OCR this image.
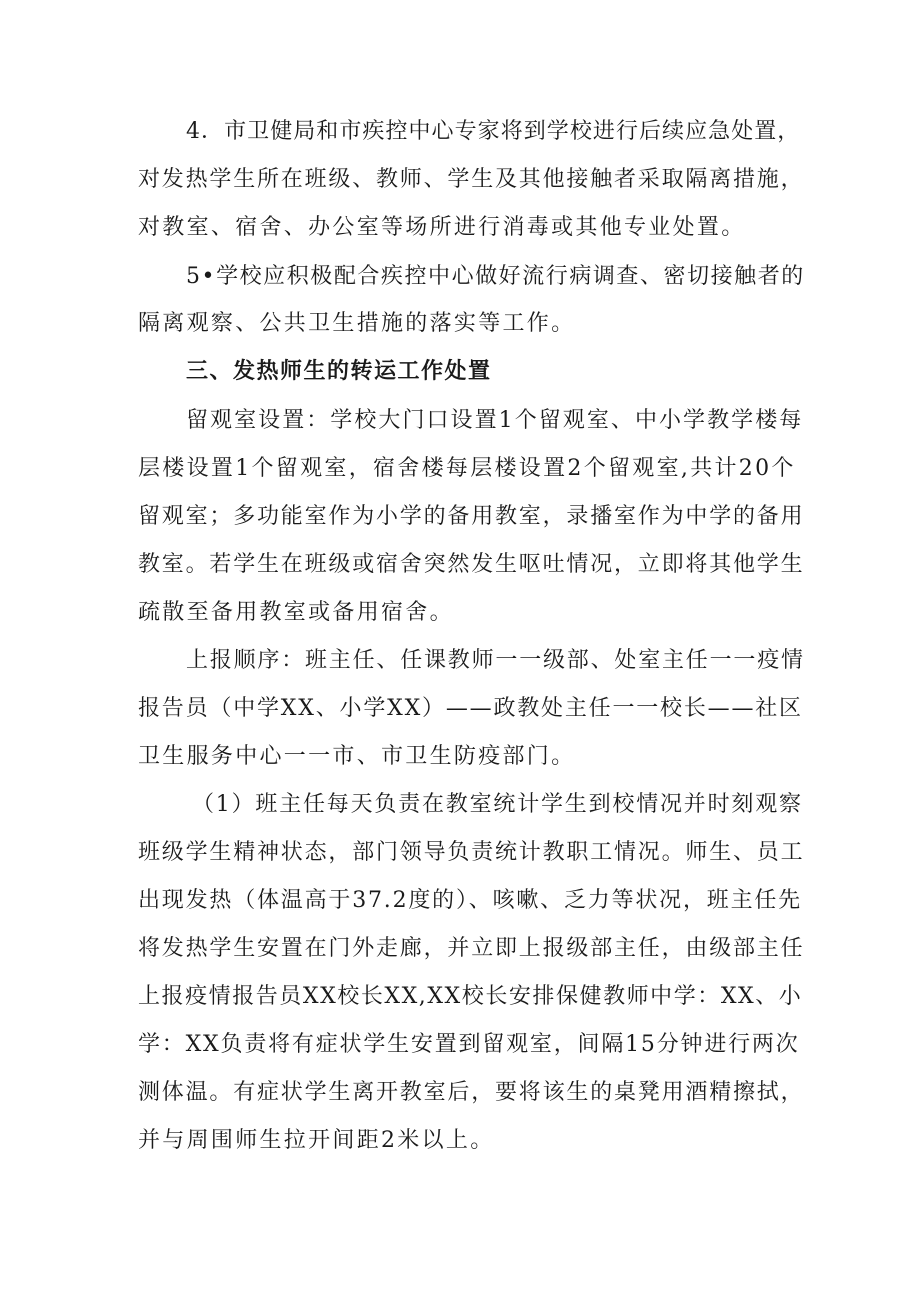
4．市卫健局和市疾控中心专家将到学校进行后续应急处置，
对发热学生所在班级、教师、学生及其他接触者采取隔离措施，
对教室、宿舍、办公室等场所进行消毒或其他专业处置。
5•学校应积极配合疾控中心做好流行病调查、密切接触者的
隔离观察、公共卫生措施的落实等工作。
三、发热师生的转运工作处置
留观室设置：学校大门口设置1个留观室、中小学教学楼每
层楼设置1个留观室，宿舍楼每层楼设置2个留观室,共计20个
留观室；多功能室作为小学的备用教室，录播室作为中学的备用
教室。若学生在班级或宿舍突然发生呕吐情况，立即将其他学生
疏散至备用教室或备用宿舍。
上报顺序：班主任、任课教师一一级部、处室主任一一疫情
报告员（中学XX、小学XX）——政教处主任一一校长——社区
卫生服务中心一一市、市卫生防疫部门。
（1）班主任每天负责在教室统计学生到校情况并时刻观察
班级学生精神状态，部门领导负责统计教职工情况。师生、员工
出现发热（体温高于37.2度的）、咳嗽、乏力等状况，班主任先
将发热学生安置在门外走廊，并立即上报级部主任，由级部主任
上报疫情报告员XX校长XX,XX校长安排保健教师中学：XX、小
学：XX负责将有症状学生安置到留观室，间隔15分钟进行两次
测体温。有症状学生离开教室后，要将该生的桌凳用酒精擦拭，
并与周围师生拉开间距2米以上。
